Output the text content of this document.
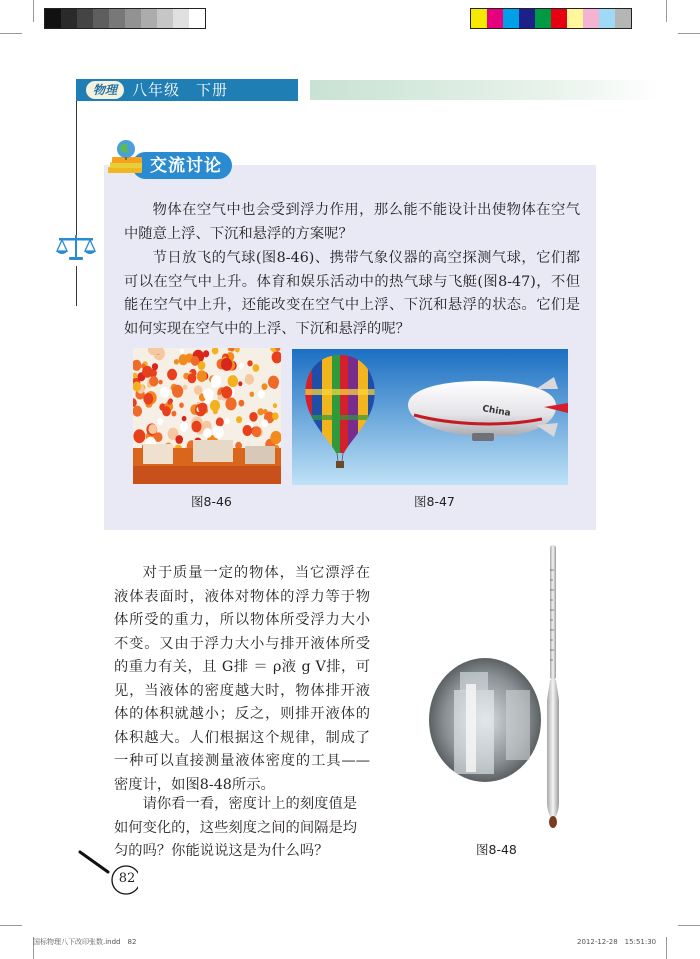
物理	八年级　下册
交流讨论
物体在空气中也会受到浮力作用，那么能不能设计出使物体在空气中随意上浮、下沉和悬浮的方案呢？
节日放飞的气球(图8-46)、携带气象仪器的高空探测气球，它们都可以在空气中上升。体育和娱乐活动中的热气球与飞艇(图8-47)，不但能在空气中上升，还能改变在空气中上浮、下沉和悬浮的状态。它们是如何实现在空气中的上浮、下沉和悬浮的呢？
China
图8-46	图8-47
对于质量一定的物体，当它漂浮在液体表面时，液体对物体的浮力等于物体所受的重力，所以物体所受浮力大小不变。又由于浮力大小与排开液体所受的重力有关，且 G排 ＝ ρ液 g V排，可见，当液体的密度越大时，物体排开液体的体积就越小；反之，则排开液体的体积越大。人们根据这个规律，制成了一种可以直接测量液体密度的工具——密度计，如图8-48所示。
请你看一看，密度计上的刻度值是如何变化的，这些刻度之间的间隔是均匀的吗？你能说说这是为什么吗？	图8-48
82
国标物理八下改印张数.indd　82	2012-12-28　15:51:30
